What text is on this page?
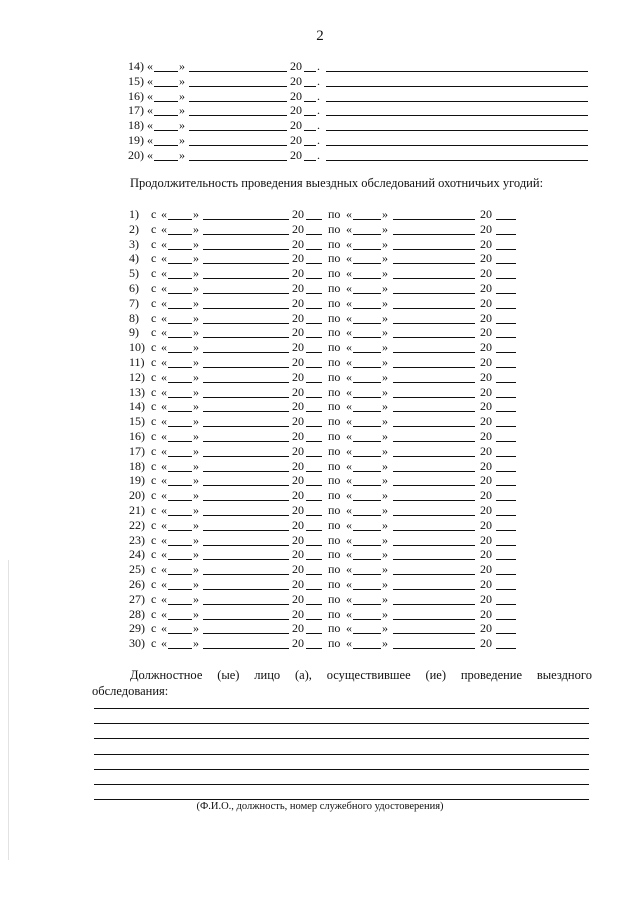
2
14) « »	20 .
15) « »	20 .
16) « »	20 .
17) « »	20 .
18) « »	20 .
19) « »	20 .
20) « »	20 .
Продолжительность проведения выездных обследований охотничьих угодий:
1) с « »	20 по «	»	20
2) с « »	20 по «	»	20
3) с « »	20 по «	»	20
4) с « »	20 по «	»	20
5) с « »	20 по «	»	20
6) с « »	20 по «	»	20
7) с « »	20 по «	»	20
8) с « »	20 по «	»	20
9) с « »	20 по «	»	20
10) с « »	20 по «	»	20
11) с « »	20 по «	»	20
12) с « »	20 по «	»	20
13) с « »	20 по «	»	20
14) с « »	20 по «	»	20
15) с « »	20 по «	»	20
16) с « »	20 по «	»	20
17) с « »	20 по «	»	20
18) с « »	20 по «	»	20
19) с « »	20 по «	»	20
20) с « »	20 по «	»	20
21) с « »	20 по «	»	20
22) с « »	20 по «	»	20
23) с « »	20 по «	»	20
24) с « »	20 по «	»	20
25) с « »	20 по «	»	20
26) с « »	20 по «	»	20
27) с « »	20 по «	»	20
28) с « »	20 по «	»	20
29) с « »	20 по «	»	20
30) с « »	20 по «	»	20
Должностное (ые) лицо (а), осуществившее (ие) проведение выездного
обследования:
(Ф.И.О., должность, номер служебного удостоверения)
